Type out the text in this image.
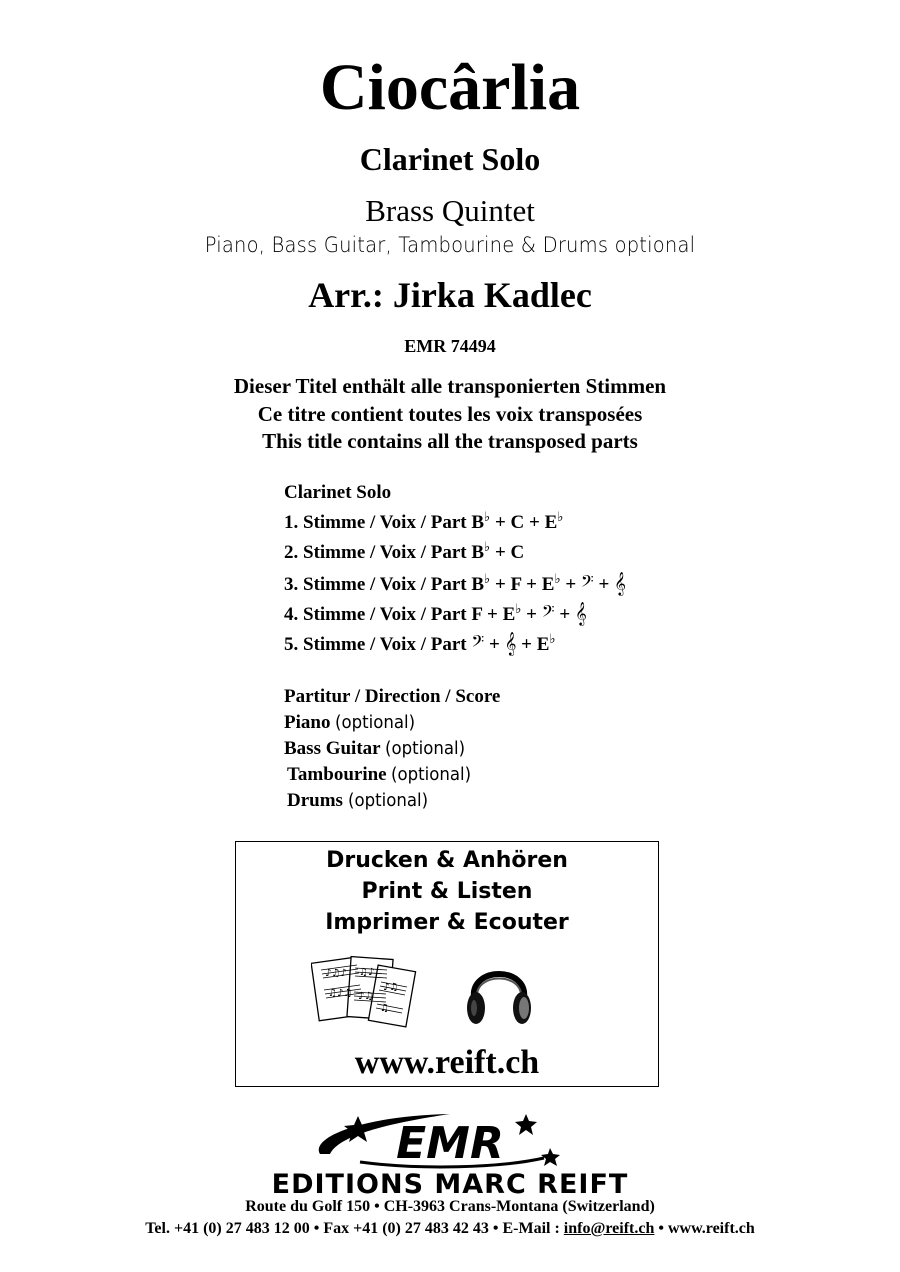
Ciocârlia
Clarinet Solo
Brass Quintet
Piano, Bass Guitar, Tambourine & Drums optional
Arr.: Jirka Kadlec
EMR 74494
Dieser Titel enthält alle transponierten Stimmen
Ce titre contient toutes les voix transposées
This title contains all the transposed parts
Clarinet Solo
1. Stimme / Voix / Part B♭ + C + E♭
2. Stimme / Voix / Part B♭ + C
3. Stimme / Voix / Part B♭ + F + E♭ + 𝄢 + 𝄞
4. Stimme / Voix / Part F + E♭ + 𝄢 + 𝄞
5. Stimme / Voix / Part 𝄢 + 𝄞 + E♭
Partitur / Direction / Score
Piano (optional)
Bass Guitar (optional)
Tambourine (optional)
Drums (optional)
Drucken & Anhören
Print & Listen
Imprimer & Ecouter
♪♫♪
♫♪♫
♫♪
♪♫
♪♫
♫
www.reift.ch
EMR
EDITIONS MARC REIFT
Route du Golf 150 • CH-3963 Crans-Montana (Switzerland)
Tel. +41 (0) 27 483 12 00 • Fax +41 (0) 27 483 42 43 • E-Mail : info@reift.ch • www.reift.ch
